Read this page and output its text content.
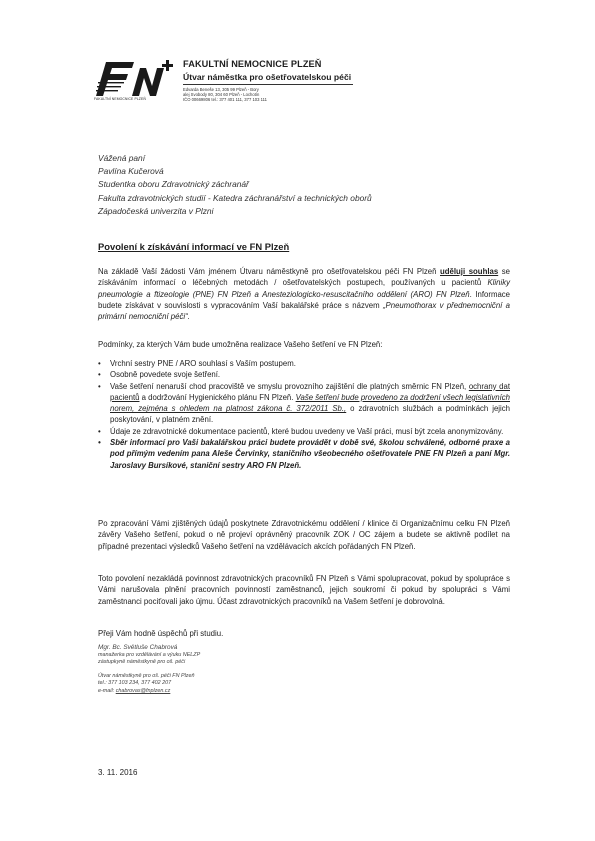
FAKULTNÍ NEMOCNICE PLZEŇ
FAKULTNÍ NEMOCNICE PLZEŇ
Útvar náměstka pro ošetřovatelskou péči
Edvarda Beneše 13, 305 99 Plzeň - Bory
alej Svobody 80, 304 60 Plzeň - Lochotín
IČO 00669806 tel.: 377 401 111, 377 103 111
Vážená paní
Pavlína Kučerová
Studentka oboru Zdravotnický záchranář
Fakulta zdravotnických studií - Katedra záchranářství a technických oborů
Západočeská univerzita v Plzni
Povolení k získávání informací ve FN Plzeň
Na základě Vaší žádosti Vám jménem Útvaru náměstkyně pro ošetřovatelskou péči FN Plzeň uděluji souhlas se získáváním informací o léčebných metodách / ošetřovatelských postupech, používaných u pacientů Kliniky pneumologie a ftizeologie (PNE) FN Plzeň a Anesteziologicko-resuscitačního oddělení (ARO) FN Plzeň. Informace budete získávat v souvislosti s vypracováním Vaší bakalářské práce s názvem „Pneumothorax v přednemocniční a primární nemocniční péči“.
Podmínky, za kterých Vám bude umožněna realizace Vašeho šetření ve FN Plzeň:
• Vrchní sestry PNE / ARO souhlasí s Vaším postupem.
• Osobně povedete svoje šetření.
• Vaše šetření nenaruší chod pracoviště ve smyslu provozního zajištění dle platných směrnic FN Plzeň, ochrany dat pacientů a dodržování Hygienického plánu FN Plzeň. Vaše šetření bude provedeno za dodržení všech legislativních norem, zejména s ohledem na platnost zákona č. 372/2011 Sb., o zdravotních službách a podmínkách jejich poskytování, v platném znění.
• Údaje ze zdravotnické dokumentace pacientů, které budou uvedeny ve Vaší práci, musí být zcela anonymizovány.
• Sběr informací pro Vaši bakalářskou práci budete provádět v době své, školou schválené, odborné praxe a pod přímým vedením pana Aleše Červinky, staničního všeobecného ošetřovatele PNE FN Plzeň a paní Mgr. Jaroslavy Bursíkové, staniční sestry ARO FN Plzeň.
Po zpracování Vámi zjištěných údajů poskytnete Zdravotnickému oddělení / klinice či Organizačnímu celku FN Plzeň závěry Vašeho šetření, pokud o ně projeví oprávněný pracovník ZOK / OC zájem a budete se aktivně podílet na případné prezentaci výsledků Vašeho šetření na vzdělávacích akcích pořádaných FN Plzeň.
Toto povolení nezakládá povinnost zdravotnických pracovníků FN Plzeň s Vámi spolupracovat, pokud by spolupráce s Vámi narušovala plnění pracovních povinností zaměstnanců, jejich soukromí či pokud by spolupráci s Vámi zaměstnanci pociťovali jako újmu. Účast zdravotnických pracovníků na Vašem šetření je dobrovolná.
Přeji Vám hodně úspěchů při studiu.
Mgr. Bc. Světluše Chabrová
manažerka pro vzdělávání a výuku NELZP
zástupkyně náměstkyně pro oš. péči
Útvar náměstkyně pro oš. péči FN Plzeň
tel.: 377 103 234, 377 402 207
e-mail: chabrovas@fnplzen.cz
3. 11. 2016
